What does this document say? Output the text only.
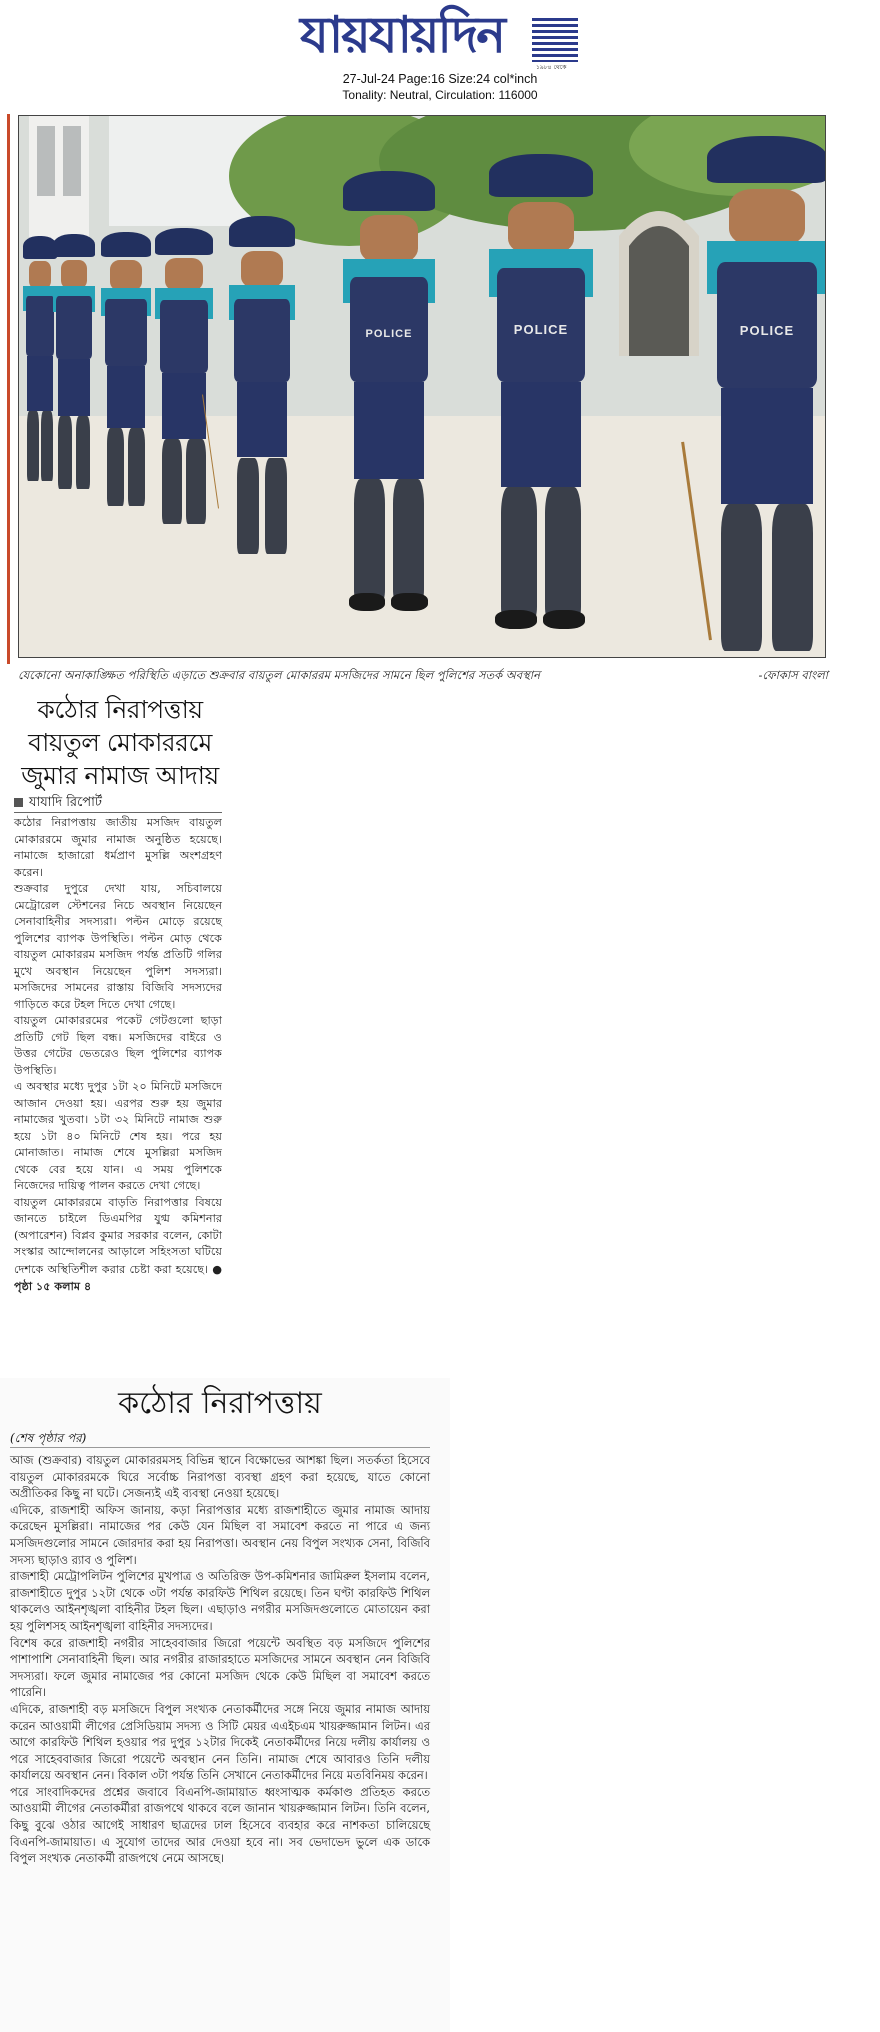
যায়যায়দিন
১৯৮৪ থেকে
27-Jul-24 Page:16 Size:24 col*inch
Tonality: Neutral, Circulation: 116000
POLICE	POLICE	POLICE
যেকোনো অনাকাঙ্ক্ষিত পরিস্থিতি এড়াতে শুক্রবার বায়তুল মোকাররম মসজিদের সামনে ছিল পুলিশের সতর্ক অবস্থান	-ফোকাস বাংলা
কঠোর নিরাপত্তায়
বায়তুল মোকাররমে
জুমার নামাজ আদায়
যাযাদি রিপোর্ট

কঠোর নিরাপত্তায় জাতীয় মসজিদ বায়তুল মোকাররমে জুমার নামাজ অনুষ্ঠিত হয়েছে। নামাজে হাজারো ধর্মপ্রাণ মুসল্লি অংশগ্রহণ করেন।

শুক্রবার দুপুরে দেখা যায়, সচিবালয়ে মেট্রোরেল স্টেশনের নিচে অবস্থান নিয়েছেন সেনাবাহিনীর সদস্যরা। পল্টন মোড়ে রয়েছে পুলিশের ব্যাপক উপস্থিতি। পল্টন মোড় থেকে বায়তুল মোকাররম মসজিদ পর্যন্ত প্রতিটি গলির মুখে অবস্থান নিয়েছেন পুলিশ সদস্যরা। মসজিদের সামনের রাস্তায় বিজিবি সদস্যদের গাড়িতে করে টহল দিতে দেখা গেছে।

বায়তুল মোকাররমের পকেট গেটগুলো ছাড়া প্রতিটি গেট ছিল বন্ধ। মসজিদের বাইরে ও উত্তর গেটের ভেতরেও ছিল পুলিশের ব্যাপক উপস্থিতি।

এ অবস্থার মধ্যে দুপুর ১টা ২০ মিনিটে মসজিদে আজান দেওয়া হয়। এরপর শুরু হয় জুমার নামাজের খুতবা। ১টা ৩২ মিনিটে নামাজ শুরু হয়ে ১টা ৪০ মিনিটে শেষ হয়। পরে হয় মোনাজাত। নামাজ শেষে মুসল্লিরা মসজিদ থেকে বের হয়ে যান। এ সময় পুলিশকে নিজেদের দায়িত্ব পালন করতে দেখা গেছে।

বায়তুল মোকাররমে বাড়তি নিরাপত্তার বিষয়ে জানতে চাইলে ডিএমপির যুগ্ম কমিশনার (অপারেশন) বিপ্লব কুমার সরকার বলেন, কোটা সংস্কার আন্দোলনের আড়ালে সহিংসতা ঘটিয়ে দেশকে অস্থিতিশীল করার চেষ্টা করা হয়েছে। ● পৃষ্ঠা ১৫ কলাম ৪

কঠোর নিরাপত্তায়
(শেষ পৃষ্ঠার পর)

আজ (শুক্রবার) বায়তুল মোকাররমসহ বিভিন্ন স্থানে বিক্ষোভের আশঙ্কা ছিল। সতর্কতা হিসেবে বায়তুল মোকাররমকে ঘিরে সর্বোচ্চ নিরাপত্তা ব্যবস্থা গ্রহণ করা হয়েছে, যাতে কোনো অপ্রীতিকর কিছু না ঘটে। সেজন্যই এই ব্যবস্থা নেওয়া হয়েছে।

এদিকে, রাজশাহী অফিস জানায়, কড়া নিরাপত্তার মধ্যে রাজশাহীতে জুমার নামাজ আদায় করেছেন মুসল্লিরা। নামাজের পর কেউ যেন মিছিল বা সমাবেশ করতে না পারে এ জন্য মসজিদগুলোর সামনে জোরদার করা হয় নিরাপত্তা। অবস্থান নেয় বিপুল সংখ্যক সেনা, বিজিবি সদস্য ছাড়াও র‌্যাব ও পুলিশ।

রাজশাহী মেট্রোপলিটন পুলিশের মুখপাত্র ও অতিরিক্ত উপ-কমিশনার জামিরুল ইসলাম বলেন, রাজশাহীতে দুপুর ১২টা থেকে ৩টা পর্যন্ত কারফিউ শিথিল রয়েছে। তিন ঘণ্টা কারফিউ শিথিল থাকলেও আইনশৃঙ্খলা বাহিনীর টহল ছিল। এছাড়াও নগরীর মসজিদগুলোতে মোতায়েন করা হয় পুলিশসহ আইনশৃঙ্খলা বাহিনীর সদস্যদের।

বিশেষ করে রাজশাহী নগরীর সাহেববাজার জিরো পয়েন্টে অবস্থিত বড় মসজিদে পুলিশের পাশাপাশি সেনাবাহিনী ছিল। আর নগরীর রাজারহাতে মসজিদের সামনে অবস্থান নেন বিজিবি সদস্যরা। ফলে জুমার নামাজের পর কোনো মসজিদ থেকে কেউ মিছিল বা সমাবেশ করতে পারেনি।

এদিকে, রাজশাহী বড় মসজিদে বিপুল সংখ্যক নেতাকর্মীদের সঙ্গে নিয়ে জুমার নামাজ আদায় করেন আওয়ামী লীগের প্রেসিডিয়াম সদস্য ও সিটি মেয়র এএইচএম খায়রুজ্জামান লিটন। এর আগে কারফিউ শিথিল হওয়ার পর দুপুর ১২টার দিকেই নেতাকর্মীদের নিয়ে দলীয় কার্যালয় ও পরে সাহেববাজার জিরো পয়েন্টে অবস্থান নেন তিনি। নামাজ শেষে আবারও তিনি দলীয় কার্যালয়ে অবস্থান নেন। বিকাল ৩টা পর্যন্ত তিনি সেখানে নেতাকর্মীদের নিয়ে মতবিনিময় করেন।

পরে সাংবাদিকদের প্রশ্নের জবাবে বিএনপি-জামায়াত ধ্বংসাত্মক কর্মকাণ্ড প্রতিহত করতে আওয়ামী লীগের নেতাকর্মীরা রাজপথে থাকবে বলে জানান খায়রুজ্জামান লিটন। তিনি বলেন, কিছু বুঝে ওঠার আগেই সাধারণ ছাত্রদের ঢাল হিসেবে ব্যবহার করে নাশকতা চালিয়েছে বিএনপি-জামায়াত। এ সুযোগ তাদের আর দেওয়া হবে না। সব ভেদাভেদ ভুলে এক ডাকে বিপুল সংখ্যক নেতাকর্মী রাজপথে নেমে আসছে।
